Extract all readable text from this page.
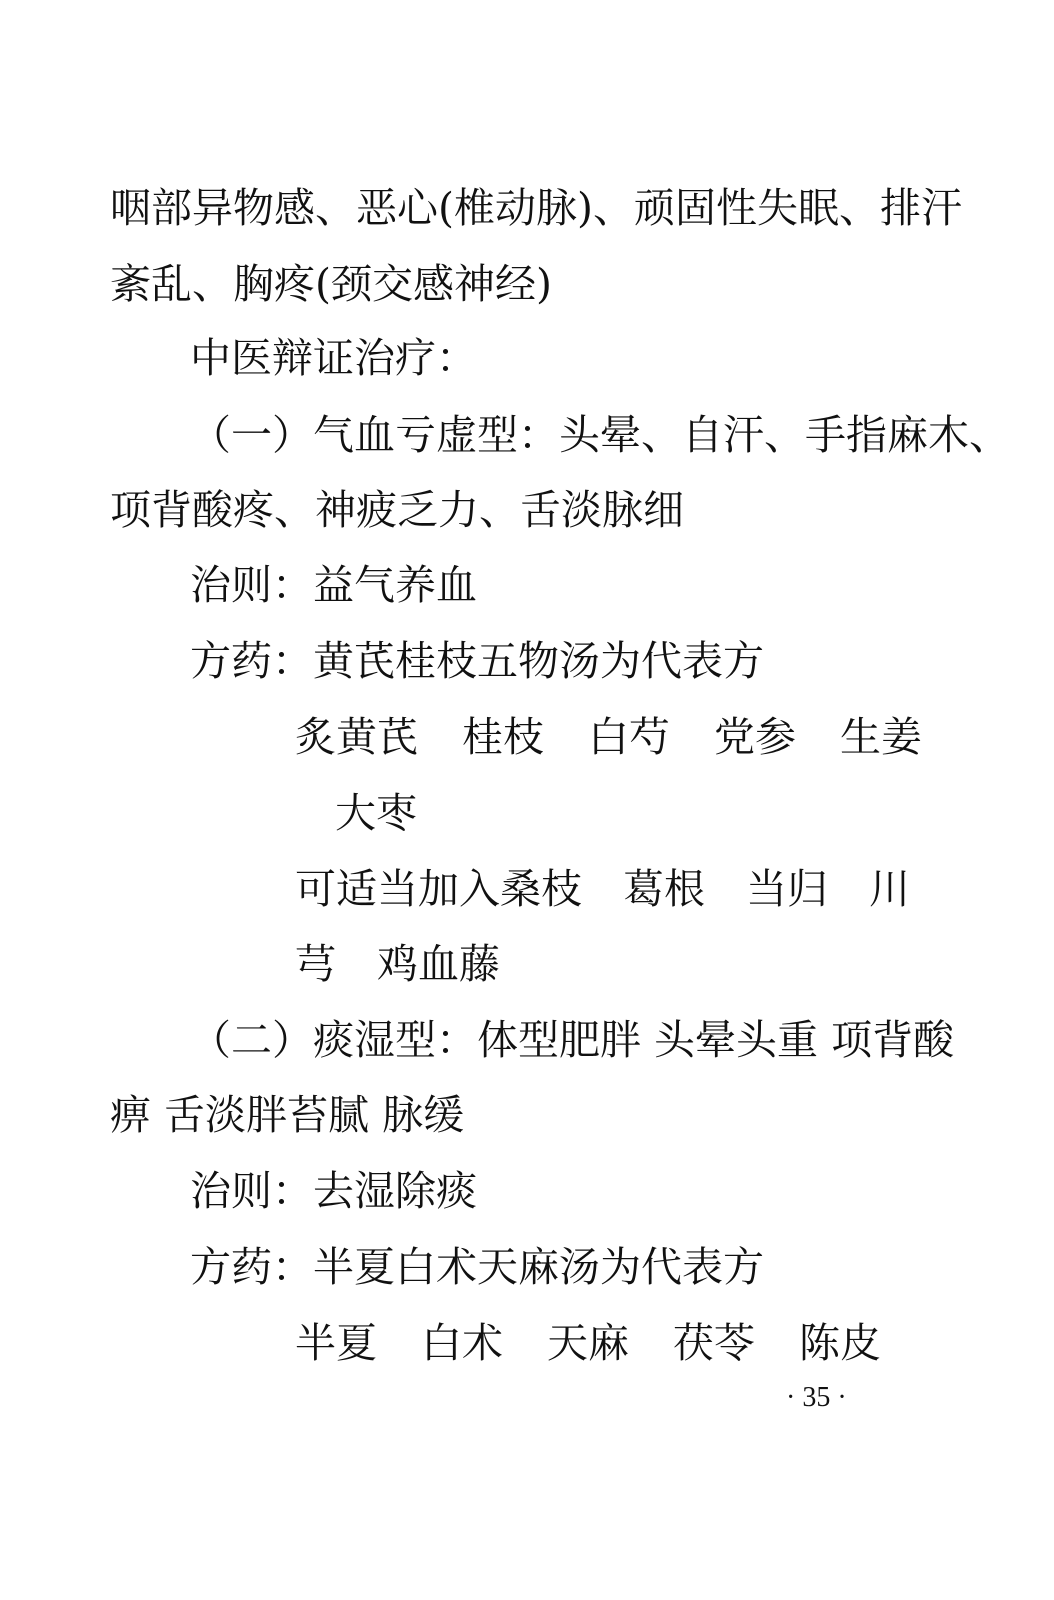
咽部异物感、恶心(椎动脉)、顽固性失眠、排汗
紊乱、胸疼(颈交感神经)
中医辩证治疗：
（一）气血亏虚型：头晕、自汗、手指麻木、
项背酸疼、神疲乏力、舌淡脉细
治则：益气养血
方药：黄芪桂枝五物汤为代表方
炙黄芪 桂枝 白芍 党参 生姜
大枣
可适当加入桑枝　葛根　当归　川
芎　鸡血藤
（二）痰湿型：体型肥胖 头晕头重 项背酸
痹 舌淡胖苔腻 脉缓
治则：去湿除痰
方药：半夏白术天麻汤为代表方
半夏 白术 天麻 茯苓 陈皮
· 35 ·
